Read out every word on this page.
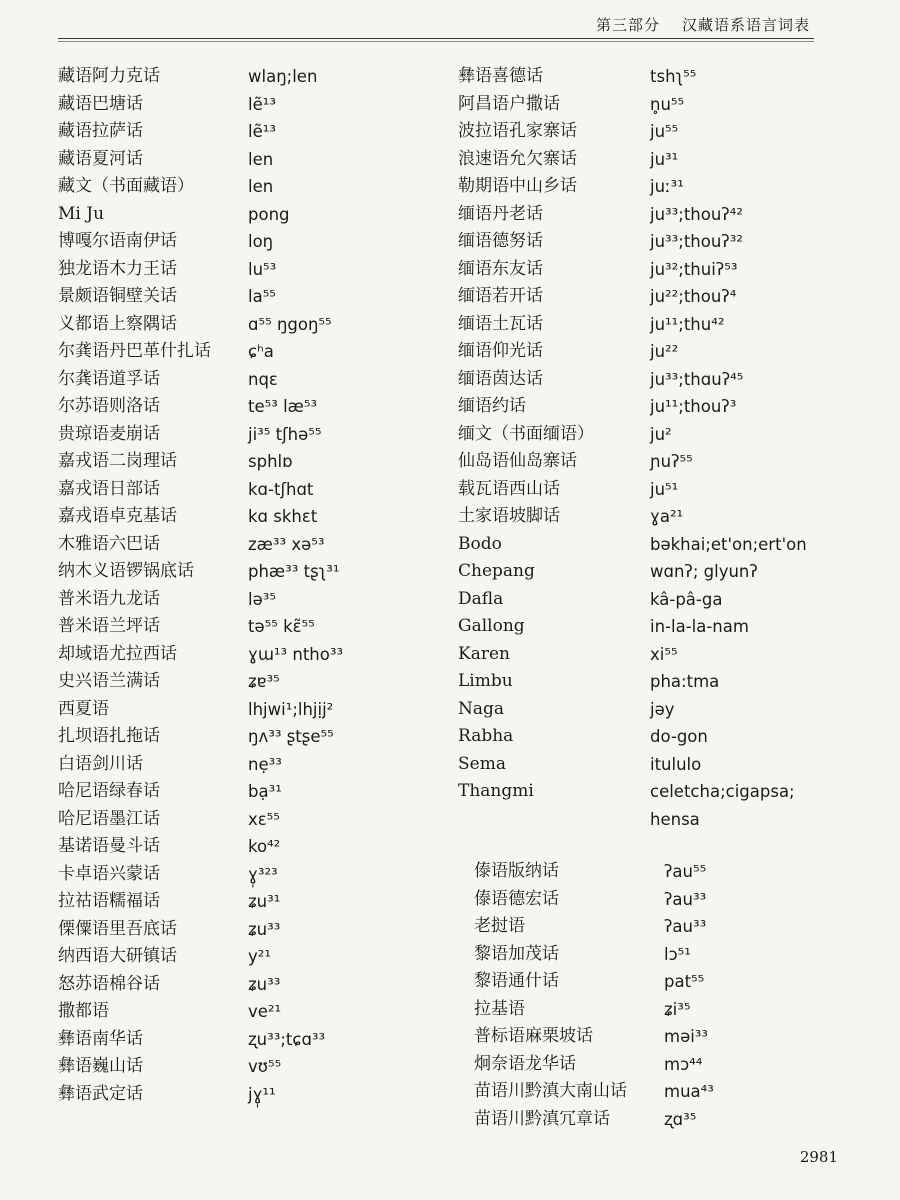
第三部分 汉藏语系语言词表
藏语阿力克话	wlaŋ;len
藏语巴塘话	lẽ¹³
藏语拉萨话	lẽ¹³
藏语夏河话	len
藏文（书面藏语）	len
Mi Ju	pong
博嘎尔语南伊话	loŋ
独龙语木力王话	lu⁵³
景颇语铜壁关话	la⁵⁵
义都语上察隅话	ɑ⁵⁵ ŋgoŋ⁵⁵
尔龚语丹巴革什扎话	ɕʰa
尔龚语道孚话	nqɛ
尔苏语则洛话	te⁵³ læ⁵³
贵琼语麦崩话	ji³⁵ tʃhə⁵⁵
嘉戎语二岗理话	sphlɒ
嘉戎语日部话	kɑ-tʃhɑt
嘉戎语卓克基话	kɑ skhɛt
木雅语六巴话	zæ³³ xə⁵³
纳木义语锣锅底话	phæ³³ tʂʅ³¹
普米语九龙话	lə³⁵
普米语兰坪话	tə⁵⁵ kɛ̃⁵⁵
却域语尤拉西话	ɣɯ¹³ ntho³³
史兴语兰满话	ʑɐ³⁵
西夏语	lhjwi¹;lhjịj²
扎坝语扎拖话	ŋʌ³³ ʂtʂe⁵⁵
白语剑川话	nẹ³³
哈尼语绿春话	bạ³¹
哈尼语墨江话	xɛ⁵⁵
基诺语曼斗话	ko⁴²
卡卓语兴蒙话	ɣ̩³²³
拉祜语糯福话	ʑu³¹
傈僳语里吾底话	ʑu³³
纳西语大研镇话	y²¹
怒苏语棉谷话	ʑu³³
撒都语	ve²¹
彝语南华话	ʐu³³;tɕɑ³³
彝语巍山话	vʊ⁵⁵
彝语武定话	jɣ̩¹¹
彝语喜德话	tshʅ⁵⁵
阿昌语户撒话	n̥u⁵⁵
波拉语孔家寨话	ju⁵⁵
浪速语允欠寨话	ju³¹
勒期语中山乡话	juː³¹
缅语丹老话	ju³³;thouʔ⁴²
缅语德努话	ju³³;thouʔ³²
缅语东友话	ju³²;thuiʔ⁵³
缅语若开话	ju²²;thouʔ⁴
缅语土瓦话	ju¹¹;thu⁴²
缅语仰光话	ju²²
缅语茵达话	ju³³;thɑuʔ⁴⁵
缅语约话	ju¹¹;thouʔ³
缅文（书面缅语）	ju²
仙岛语仙岛寨话	ɲuʔ⁵⁵
载瓦语西山话	ju⁵¹
土家语坡脚话	ɣa²¹
Bodo	bəkhai;et'on;ert'on
Chepang	wɑnʔ; glyunʔ
Dafla	kâ-pâ-ga
Gallong	in-la-la-nam
Karen	xi⁵⁵
Limbu	pha:tma
Naga	jəy
Rabha	do-gon
Sema	itululo
Thangmi	celetcha;cigapsa;
hensa
傣语版纳话	ʔau⁵⁵
傣语德宏话	ʔau³³
老挝语	ʔau³³
黎语加茂话	lɔ⁵¹
黎语通什话	pat⁵⁵
拉基语	ʑi³⁵
普标语麻栗坡话	məi³³
炯奈语龙华话	mɔ⁴⁴
苗语川黔滇大南山话	mua⁴³
苗语川黔滇冗章话	ʐɑ³⁵
2981
